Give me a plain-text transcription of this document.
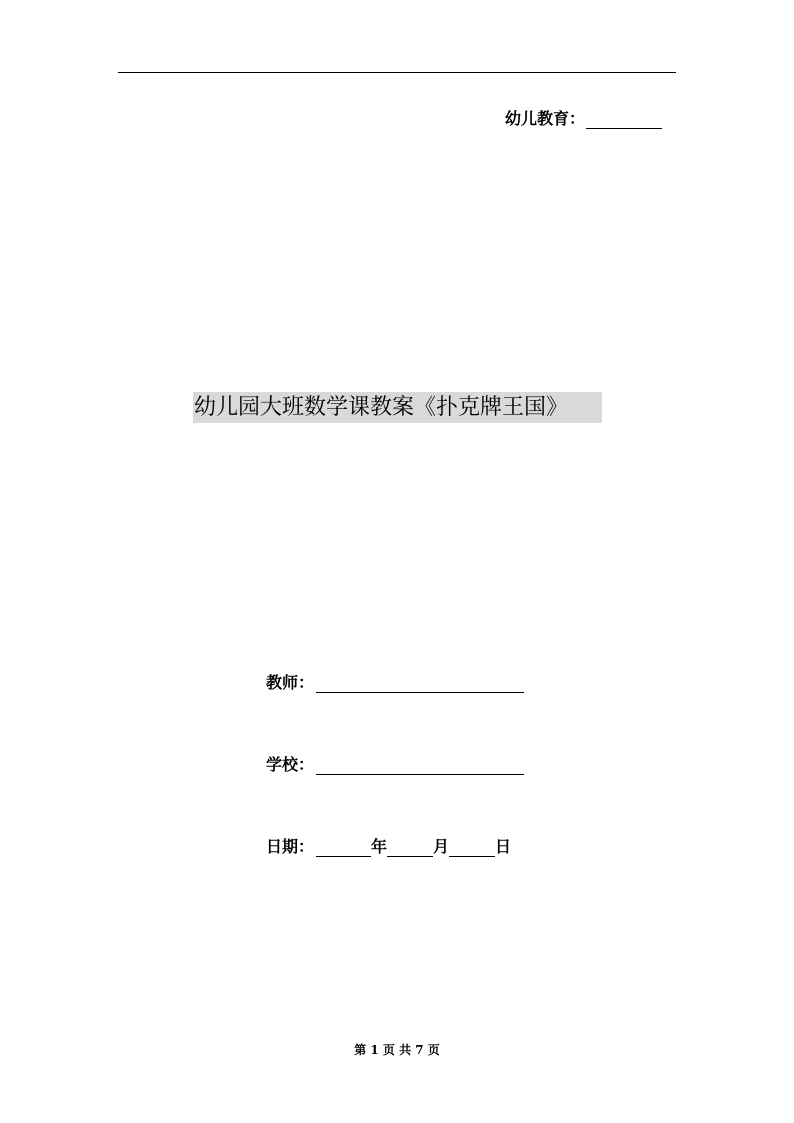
幼儿教育：
幼儿园大班数学课教案《扑克牌王国》
教师：
学校：
日期：	年	月	日
第 1 页 共 7 页
